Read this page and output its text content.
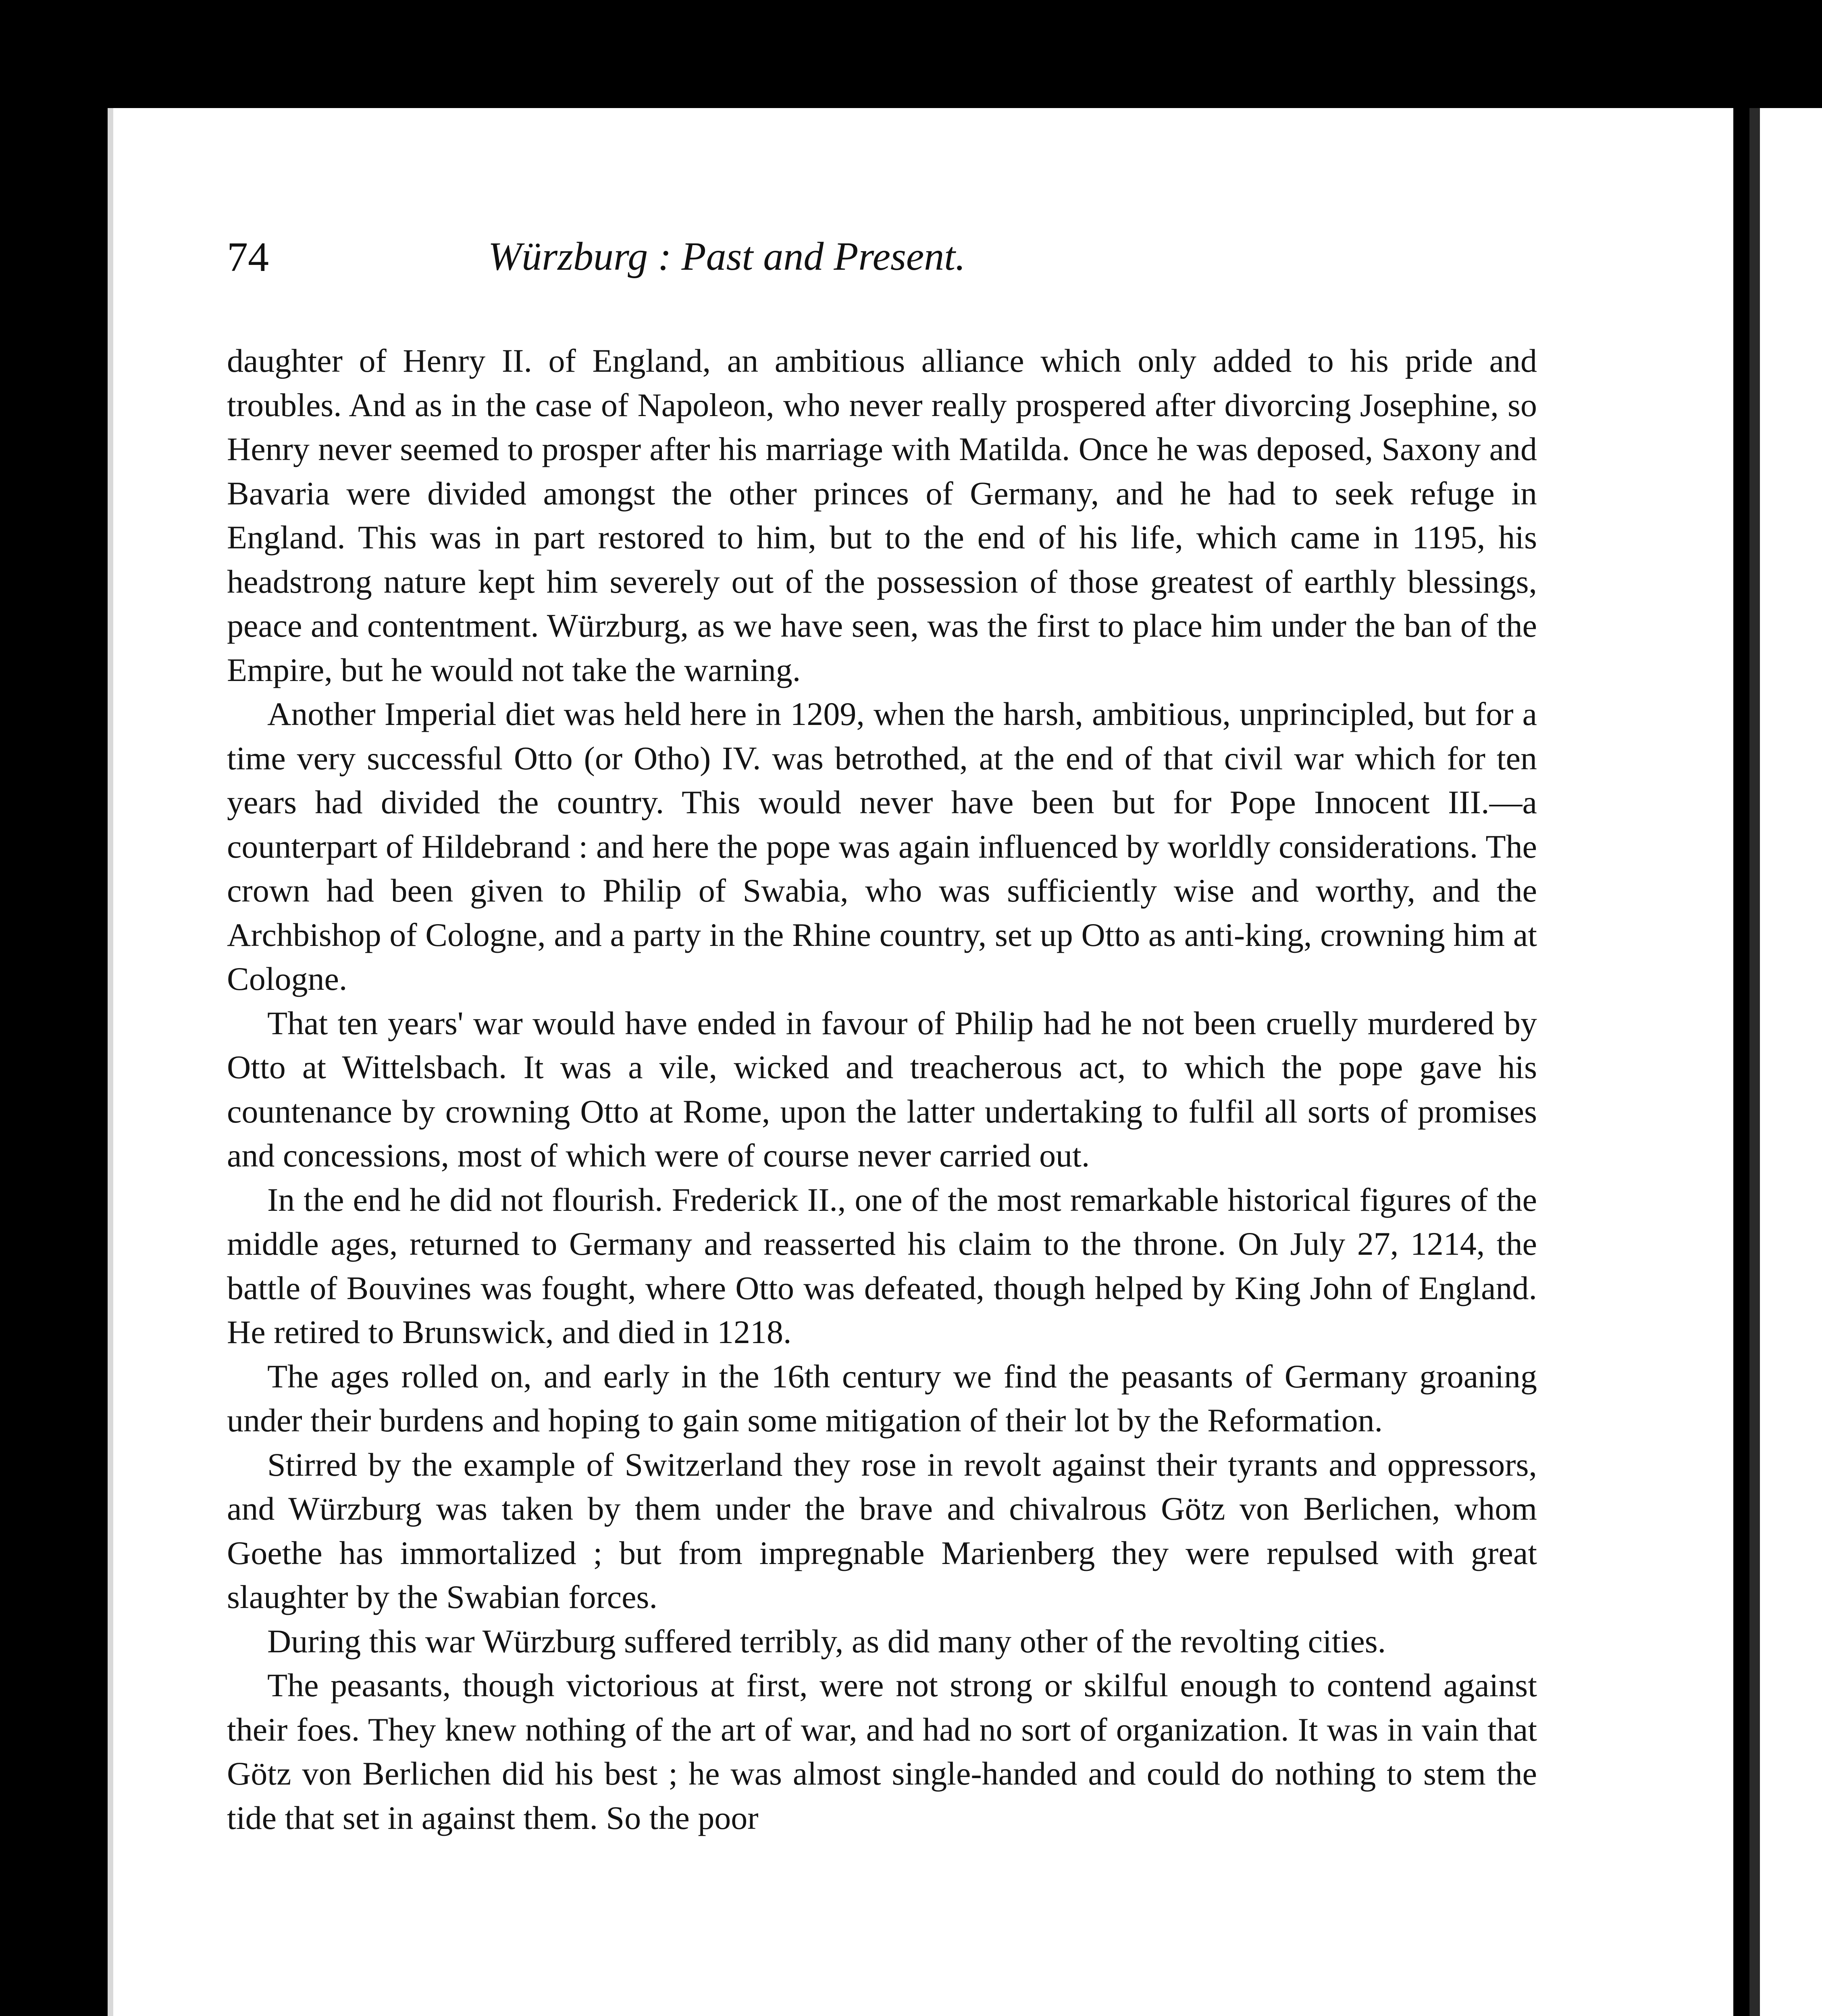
74	Würzburg : Past and Present.

daughter of Henry II. of England, an ambitious alliance which only added to his pride and troubles. And as in the case of Napoleon, who never really prospered after divorcing Josephine, so Henry never seemed to prosper after his marriage with Matilda. Once he was deposed, Saxony and Bavaria were divided amongst the other princes of Germany, and he had to seek refuge in England. This was in part restored to him, but to the end of his life, which came in 1195, his headstrong nature kept him severely out of the possession of those greatest of earthly blessings, peace and contentment. Würzburg, as we have seen, was the first to place him under the ban of the Empire, but he would not take the warning.

Another Imperial diet was held here in 1209, when the harsh, ambitious, unprincipled, but for a time very successful Otto (or Otho) IV. was betrothed, at the end of that civil war which for ten years had divided the country. This would never have been but for Pope Innocent III.—a counterpart of Hildebrand : and here the pope was again influenced by worldly considerations. The crown had been given to Philip of Swabia, who was sufficiently wise and worthy, and the Archbishop of Cologne, and a party in the Rhine country, set up Otto as anti-king, crowning him at Cologne.

That ten years' war would have ended in favour of Philip had he not been cruelly murdered by Otto at Wittelsbach. It was a vile, wicked and treacherous act, to which the pope gave his countenance by crowning Otto at Rome, upon the latter undertaking to fulfil all sorts of promises and concessions, most of which were of course never carried out.

In the end he did not flourish. Frederick II., one of the most remarkable historical figures of the middle ages, returned to Germany and reasserted his claim to the throne. On July 27, 1214, the battle of Bouvines was fought, where Otto was defeated, though helped by King John of England. He retired to Brunswick, and died in 1218.

The ages rolled on, and early in the 16th century we find the peasants of Germany groaning under their burdens and hoping to gain some mitigation of their lot by the Reformation.

Stirred by the example of Switzerland they rose in revolt against their tyrants and oppressors, and Würzburg was taken by them under the brave and chivalrous Götz von Berlichen, whom Goethe has immortalized ; but from impregnable Marienberg they were repulsed with great slaughter by the Swabian forces.

During this war Würzburg suffered terribly, as did many other of the revolting cities.

The peasants, though victorious at first, were not strong or skilful enough to contend against their foes. They knew nothing of the art of war, and had no sort of organization. It was in vain that Götz von Berlichen did his best ; he was almost single-handed and could do nothing to stem the tide that set in against them. So the poor
